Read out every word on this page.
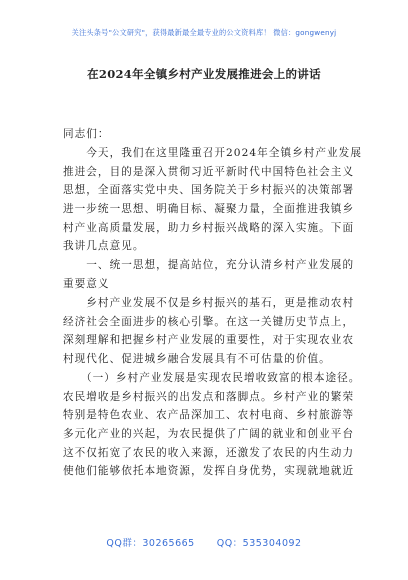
关注头条号"公文研究"，获得最新最全最专业的公文资料库！ 微信：gongwenyj
在2024年全镇乡村产业发展推进会上的讲话
同志们：
　　今天，我们在这里隆重召开2024年全镇乡村产业发展
推进会，目的是深入贯彻习近平新时代中国特色社会主义
思想，全面落实党中央、国务院关于乡村振兴的决策部署
进一步统一思想、明确目标、凝聚力量，全面推进我镇乡
村产业高质量发展，助力乡村振兴战略的深入实施。下面
我讲几点意见。
　　一、统一思想，提高站位，充分认清乡村产业发展的
重要意义
　　乡村产业发展不仅是乡村振兴的基石，更是推动农村
经济社会全面进步的核心引擎。在这一关键历史节点上，
深刻理解和把握乡村产业发展的重要性，对于实现农业农
村现代化、促进城乡融合发展具有不可估量的价值。
　　（一）乡村产业发展是实现农民增收致富的根本途径。
农民增收是乡村振兴的出发点和落脚点。乡村产业的繁荣
特别是特色农业、农产品深加工、农村电商、乡村旅游等
多元化产业的兴起，为农民提供了广阔的就业和创业平台
这不仅拓宽了农民的收入来源，还激发了农民的内生动力
使他们能够依托本地资源，发挥自身优势，实现就地就近
QQ群：30265665 QQ：535304092
